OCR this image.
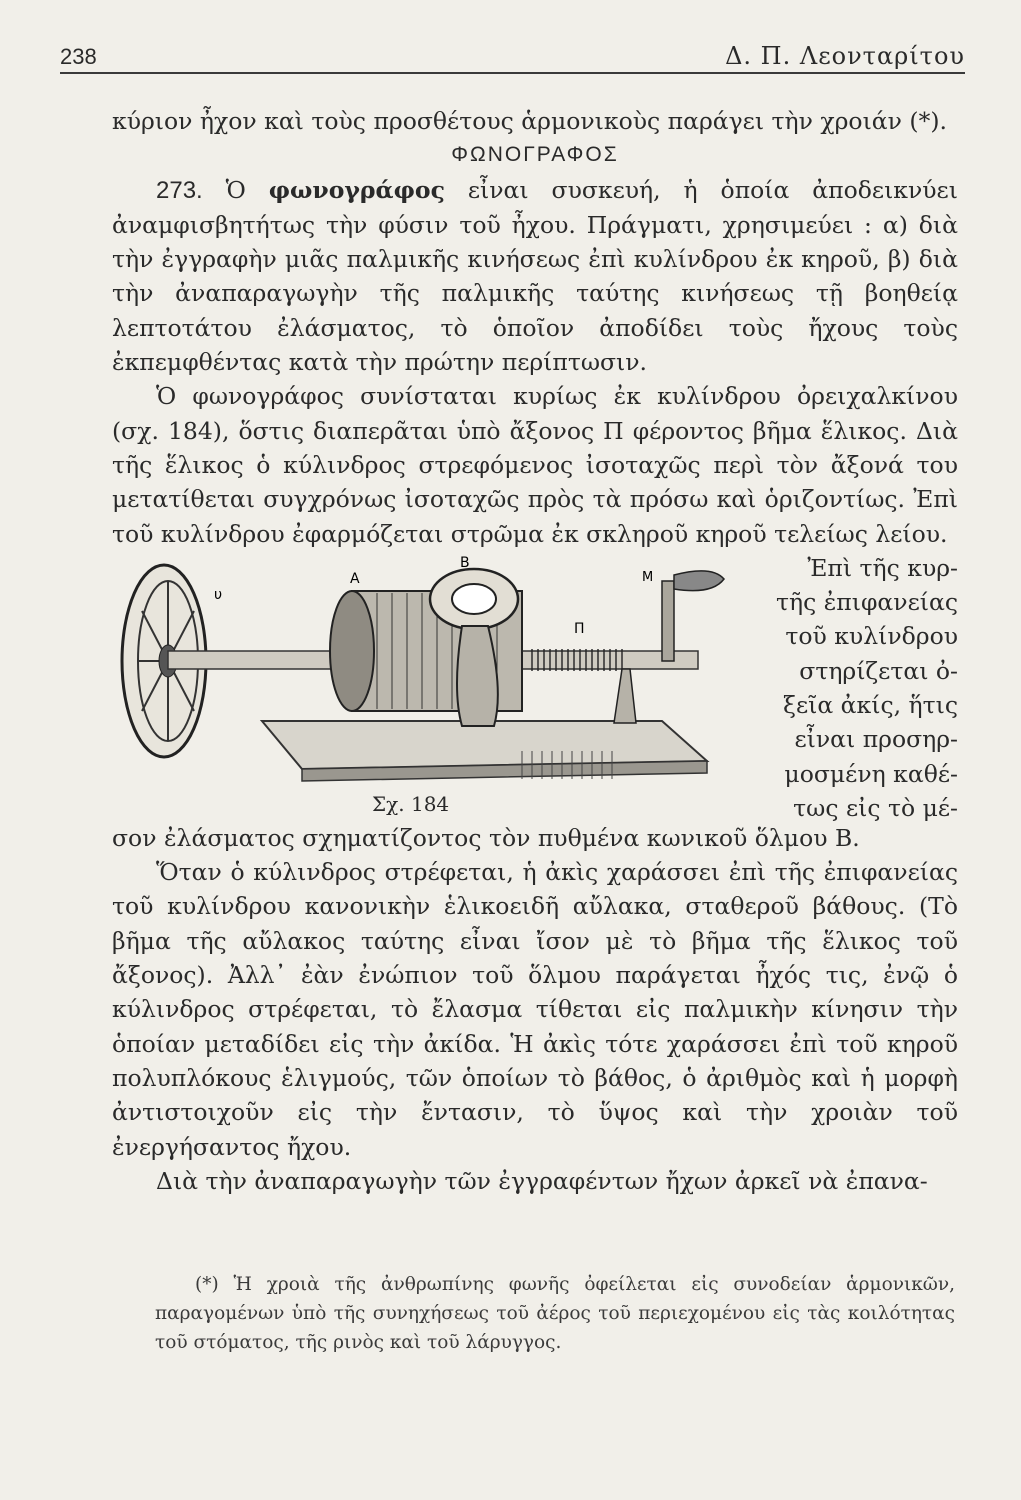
238	Δ. Π. Λεονταρίτου

κύριον ἦχον καὶ τοὺς προσθέτους ἁρμονικοὺς παράγει τὴν χροιάν (*).

ΦΩΝΟΓΡΑΦΟΣ

273. Ὁ φωνογράφος εἶναι συσκευή, ἡ ὁποία ἀποδεικνύει ἀναμφισβητήτως τὴν φύσιν τοῦ ἦχου. Πράγματι, χρησιμεύει : α) διὰ τὴν ἐγγραφὴν μιᾶς παλμικῆς κινήσεως ἐπὶ κυλίνδρου ἐκ κηροῦ, β) διὰ τὴν ἀναπαραγωγὴν τῆς παλμικῆς ταύτης κινήσεως τῇ βοηθείᾳ λεπτοτάτου ἐλάσματος, τὸ ὁποῖον ἀποδίδει τοὺς ἤχους τοὺς ἐκπεμφθέντας κατὰ τὴν πρώτην περίπτωσιν.

Ὁ φωνογράφος συνίσταται κυρίως ἐκ κυλίνδρου ὀρειχαλκίνου (σχ. 184), ὅστις διαπερᾶται ὑπὸ ἄξονος Π φέροντος βῆμα ἕλικος. Διὰ τῆς ἕλικος ὁ κύλινδρος στρεφόμενος ἰσοταχῶς περὶ τὸν ἄξονά του μετατίθεται συγχρόνως ἰσοταχῶς πρὸς τὰ πρόσω καὶ ὁριζοντίως. Ἐπὶ τοῦ κυλίνδρου ἐφαρμόζεται στρῶμα ἐκ σκληροῦ κηροῦ τελείως λείου.

Α
Β
Π
υ
Μ
Σχ. 184
Ἐπὶ τῆς κυρ-
τῆς ἐπιφανείας
τοῦ κυλίνδρου
στηρίζεται ὀ-
ξεῖα ἀκίς, ἥτις
εἶναι προσηρ-
μοσμένη καθέ-
τως εἰς τὸ μέ-

σον ἐλάσματος σχηματίζοντος τὸν πυθμένα κωνικοῦ ὅλμου Β.

Ὅταν ὁ κύλινδρος στρέφεται, ἡ ἀκὶς χαράσσει ἐπὶ τῆς ἐπιφανείας τοῦ κυλίνδρου κανονικὴν ἑλικοειδῆ αὔλακα, σταθεροῦ βάθους. (Τὸ βῆμα τῆς αὔλακος ταύτης εἶναι ἴσον μὲ τὸ βῆμα τῆς ἕλικος τοῦ ἄξονος). Ἀλλ᾽ ἐὰν ἐνώπιον τοῦ ὅλμου παράγεται ἦχός τις, ἐνῷ ὁ κύλινδρος στρέφεται, τὸ ἔλασμα τίθεται εἰς παλμικὴν κίνησιν τὴν ὁποίαν μεταδίδει εἰς τὴν ἀκίδα. Ἡ ἀκὶς τότε χαράσσει ἐπὶ τοῦ κηροῦ πολυπλόκους ἑλιγμούς, τῶν ὁποίων τὸ βάθος, ὁ ἀριθμὸς καὶ ἡ μορφὴ ἀντιστοιχοῦν εἰς τὴν ἔντασιν, τὸ ὕψος καὶ τὴν χροιὰν τοῦ ἐνεργήσαντος ἤχου.

Διὰ τὴν ἀναπαραγωγὴν τῶν ἐγγραφέντων ἤχων ἀρκεῖ νὰ ἐπανα-

(*) Ἡ χροιὰ τῆς ἀνθρωπίνης φωνῆς ὀφείλεται εἰς συνοδείαν ἁρμονικῶν, παραγομένων ὑπὸ τῆς συνηχήσεως τοῦ ἀέρος τοῦ περιεχομένου εἰς τὰς κοιλότητας τοῦ στόματος, τῆς ρινὸς καὶ τοῦ λάρυγγος.
